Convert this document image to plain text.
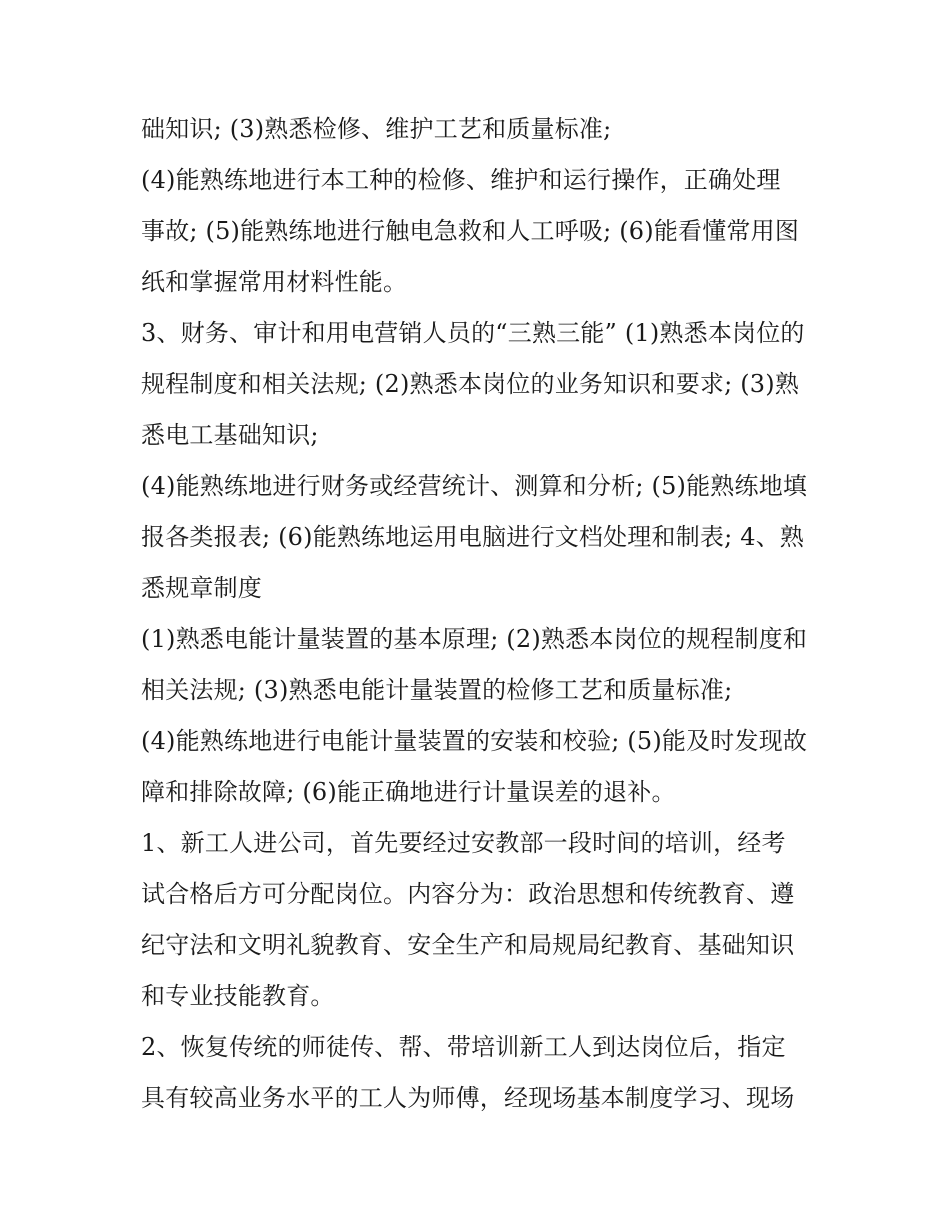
础知识; (3)熟悉检修、维护工艺和质量标准;
(4)能熟练地进行本工种的检修、维护和运行操作，正确处理
事故; (5)能熟练地进行触电急救和人工呼吸; (6)能看懂常用图
纸和掌握常用材料性能。
3、财务、审计和用电营销人员的“三熟三能” (1)熟悉本岗位的
规程制度和相关法规; (2)熟悉本岗位的业务知识和要求; (3)熟
悉电工基础知识;
(4)能熟练地进行财务或经营统计、测算和分析; (5)能熟练地填
报各类报表; (6)能熟练地运用电脑进行文档处理和制表; 4、熟
悉规章制度
(1)熟悉电能计量装置的基本原理; (2)熟悉本岗位的规程制度和
相关法规; (3)熟悉电能计量装置的检修工艺和质量标准;
(4)能熟练地进行电能计量装置的安装和校验; (5)能及时发现故
障和排除故障; (6)能正确地进行计量误差的退补。
1、新工人进公司，首先要经过安教部一段时间的培训，经考
试合格后方可分配岗位。内容分为：政治思想和传统教育、遵
纪守法和文明礼貌教育、安全生产和局规局纪教育、基础知识
和专业技能教育。
2、恢复传统的师徒传、帮、带培训新工人到达岗位后，指定
具有较高业务水平的工人为师傅，经现场基本制度学习、现场
